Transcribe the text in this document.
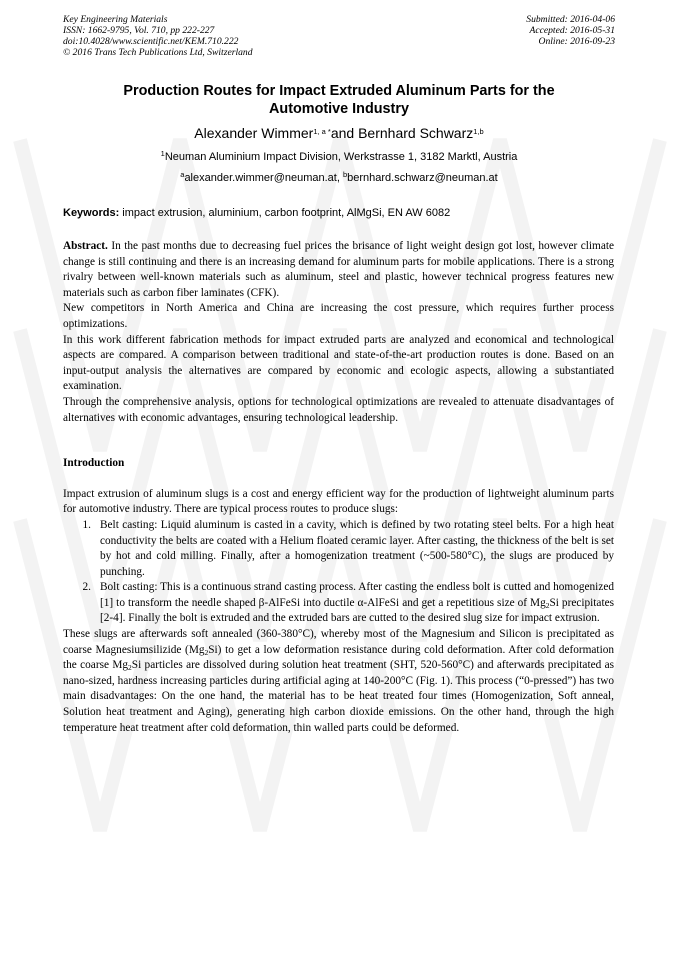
Key Engineering Materials
ISSN: 1662-9795, Vol. 710, pp 222-227
doi:10.4028/www.scientific.net/KEM.710.222
© 2016 Trans Tech Publications Ltd, Switzerland
Submitted: 2016-04-06
Accepted: 2016-05-31
Online: 2016-09-23
Production Routes for Impact Extruded Aluminum Parts for the
Automotive Industry
Alexander Wimmer$^{1, a *}$and Bernhard Schwarz$^{1,b}$
$^1$Neuman Aluminium Impact Division, Werkstrasse 1, 3182 Marktl, Austria
$^a$alexander.wimmer@neuman.at, $^b$bernhard.schwarz@neuman.at
Keywords: impact extrusion, aluminium, carbon footprint, AlMgSi, EN AW 6082

Abstract. In the past months due to decreasing fuel prices the brisance of light weight design got lost, however climate change is still continuing and there is an increasing demand for aluminum parts for mobile applications. There is a strong rivalry between well-known materials such as aluminum, steel and plastic, however technical progress features new materials such as carbon fiber laminates (CFK).

New competitors in North America and China are increasing the cost pressure, which requires further process optimizations.

In this work different fabrication methods for impact extruded parts are analyzed and economical and technological aspects are compared. A comparison between traditional and state-of-the-art production routes is done. Based on an input-output analysis the alternatives are compared by economic and ecologic aspects, allowing a substantiated examination.

Through the comprehensive analysis, options for technological optimizations are revealed to attenuate disadvantages of alternatives with economic advantages, ensuring technological leadership.

Introduction

Impact extrusion of aluminum slugs is a cost and energy efficient way for the production of lightweight aluminum parts for automotive industry. There are typical process routes to produce slugs:

1. Belt casting: Liquid aluminum is casted in a cavity, which is defined by two rotating steel belts. For a high heat conductivity the belts are coated with a Helium floated ceramic layer. After casting, the thickness of the belt is set by hot and cold milling. Finally, after a homogenization treatment (~500-580°C), the slugs are produced by punching.
2. Bolt casting: This is a continuous strand casting process. After casting the endless bolt is cutted and homogenized [1] to transform the needle shaped β-AlFeSi into ductile α-AlFeSi and get a repetitious size of $Mg_2Si$ precipitates [2-4]. Finally the bolt is extruded and the extruded bars are cutted to the desired slug size for impact extrusion.

These slugs are afterwards soft annealed (360-380°C), whereby most of the Magnesium and Silicon is precipitated as coarse Magnesiumsilizide $(Mg_2Si)$ to get a low deformation resistance during cold deformation. After cold deformation the coarse $Mg_2Si$ particles are dissolved during solution heat treatment (SHT, 520-560°C) and afterwards precipitated as nano-sized, hardness increasing particles during artificial aging at 140-200°C (Fig. 1). This process (“0-pressed”) has two main disadvantages: On the one hand, the material has to be heat treated four times (Homogenization, Soft anneal, Solution heat treatment and Aging), generating high carbon dioxide emissions. On the other hand, through the high temperature heat treatment after cold deformation, thin walled parts could be deformed.
